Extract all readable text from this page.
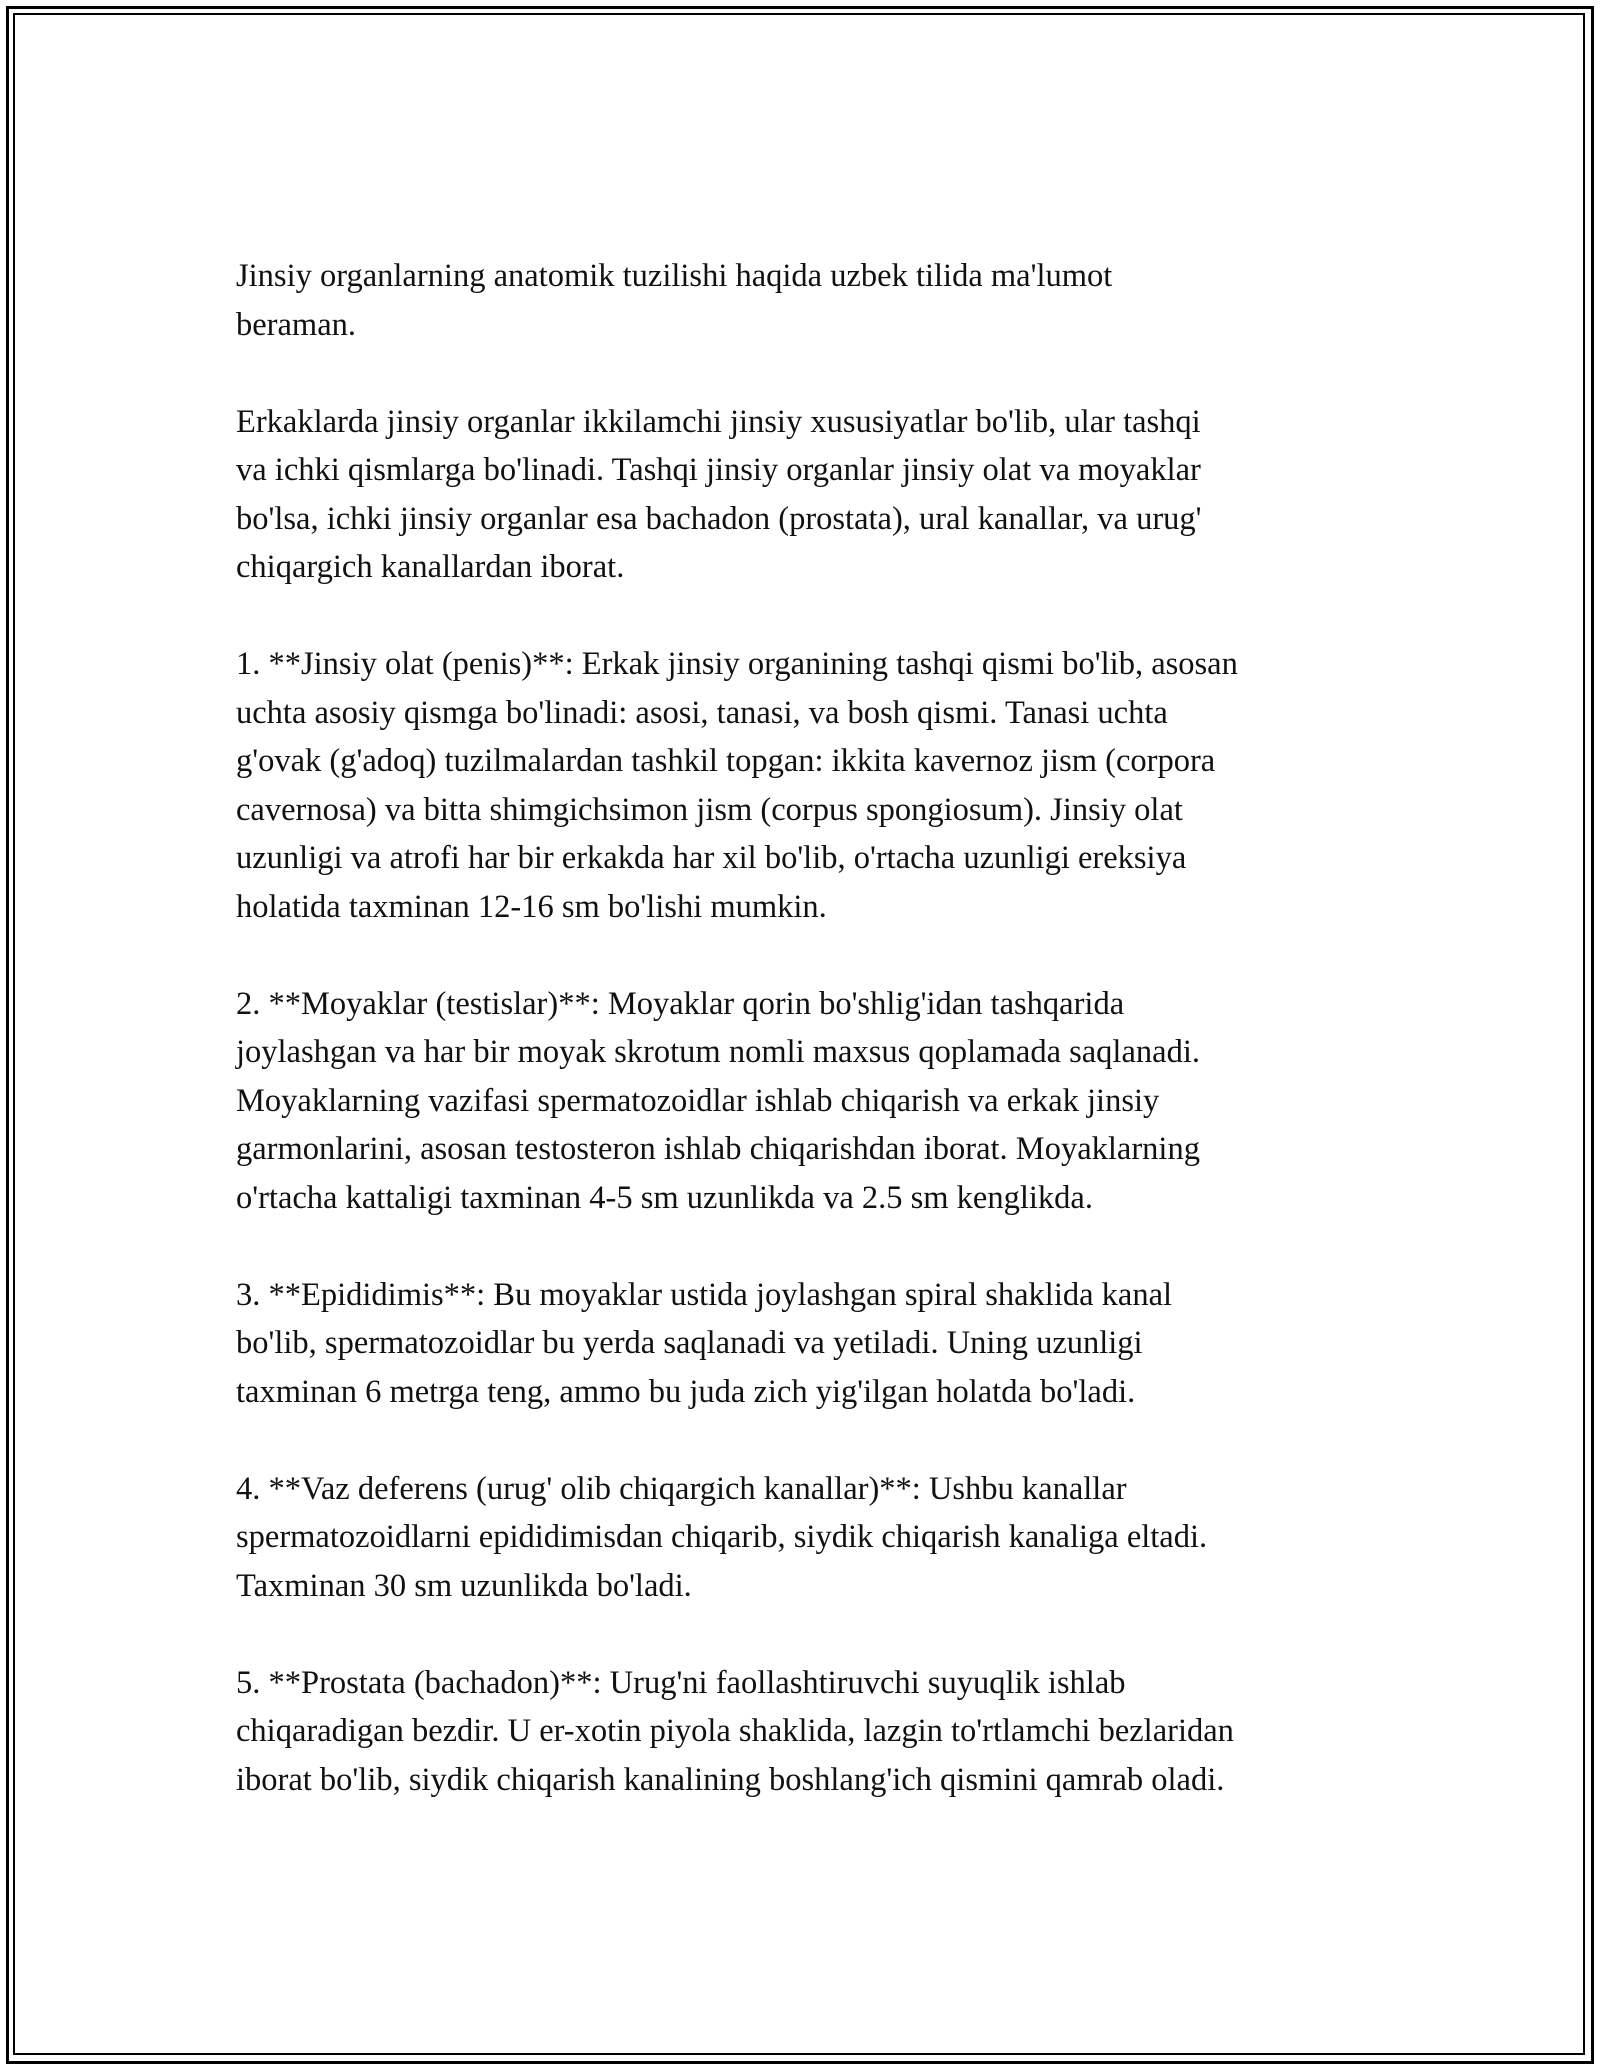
Jinsiy organlarning anatomik tuzilishi haqida uzbek tilida ma'lumot
beraman.

Erkaklarda jinsiy organlar ikkilamchi jinsiy xususiyatlar bo'lib, ular tashqi
va ichki qismlarga bo'linadi. Tashqi jinsiy organlar jinsiy olat va moyaklar
bo'lsa, ichki jinsiy organlar esa bachadon (prostata), ural kanallar, va urug'
chiqargich kanallardan iborat.

1. **Jinsiy olat (penis)**: Erkak jinsiy organining tashqi qismi bo'lib, asosan
uchta asosiy qismga bo'linadi: asosi, tanasi, va bosh qismi. Tanasi uchta
g'ovak (g'adoq) tuzilmalardan tashkil topgan: ikkita kavernoz jism (corpora
cavernosa) va bitta shimgichsimon jism (corpus spongiosum). Jinsiy olat
uzunligi va atrofi har bir erkakda har xil bo'lib, o'rtacha uzunligi ereksiya
holatida taxminan 12-16 sm bo'lishi mumkin.

2. **Moyaklar (testislar)**: Moyaklar qorin bo'shlig'idan tashqarida
joylashgan va har bir moyak skrotum nomli maxsus qoplamada saqlanadi.
Moyaklarning vazifasi spermatozoidlar ishlab chiqarish va erkak jinsiy
garmonlarini, asosan testosteron ishlab chiqarishdan iborat. Moyaklarning
o'rtacha kattaligi taxminan 4-5 sm uzunlikda va 2.5 sm kenglikda.

3. **Epididimis**: Bu moyaklar ustida joylashgan spiral shaklida kanal
bo'lib, spermatozoidlar bu yerda saqlanadi va yetiladi. Uning uzunligi
taxminan 6 metrga teng, ammo bu juda zich yig'ilgan holatda bo'ladi.

4. **Vaz deferens (urug' olib chiqargich kanallar)**: Ushbu kanallar
spermatozoidlarni epididimisdan chiqarib, siydik chiqarish kanaliga eltadi.
Taxminan 30 sm uzunlikda bo'ladi.

5. **Prostata (bachadon)**: Urug'ni faollashtiruvchi suyuqlik ishlab
chiqaradigan bezdir. U er-xotin piyola shaklida, lazgin to'rtlamchi bezlaridan
iborat bo'lib, siydik chiqarish kanalining boshlang'ich qismini qamrab oladi.
